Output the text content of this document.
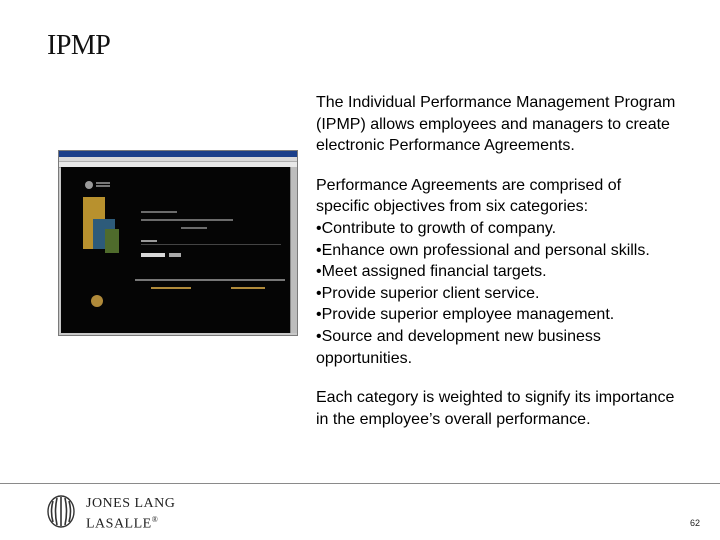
IPMP

The Individual Performance Management Program (IPMP) allows employees and managers to create electronic Performance Agreements.

Performance Agreements are comprised of specific objectives from six categories:
•Contribute to growth of company.
•Enhance own professional and personal skills.
•Meet assigned financial targets.
•Provide superior client service.
•Provide superior employee management.
•Source and development new business opportunities.

Each category is weighted to signify its importance in the employee’s overall performance.

JONES LANG
LASALLE®	62
